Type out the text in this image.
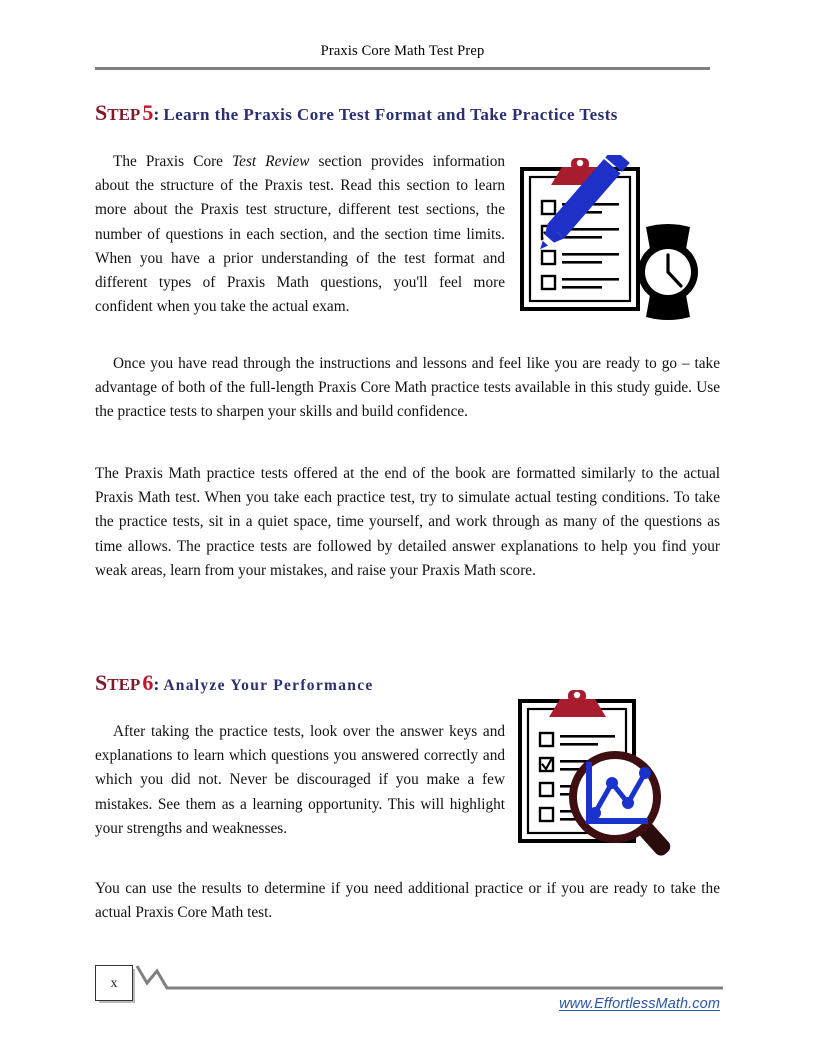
Praxis Core Math Test Prep
STEP5: Learn the Praxis Core Test Format and Take Practice Tests
The Praxis Core Test Review section provides information about the structure of the Praxis test. Read this section to learn more about the Praxis test structure, different test sections, the number of questions in each section, and the section time limits. When you have a prior understanding of the test format and different types of Praxis Math questions, you'll feel more confident when you take the actual exam.
Once you have read through the instructions and lessons and feel like you are ready to go – take advantage of both of the full-length Praxis Core Math practice tests available in this study guide. Use the practice tests to sharpen your skills and build confidence.
The Praxis Math practice tests offered at the end of the book are formatted similarly to the actual Praxis Math test. When you take each practice test, try to simulate actual testing conditions. To take the practice tests, sit in a quiet space, time yourself, and work through as many of the questions as time allows. The practice tests are followed by detailed answer explanations to help you find your weak areas, learn from your mistakes, and raise your Praxis Math score.
STEP6: Analyze Your Performance
After taking the practice tests, look over the answer keys and explanations to learn which questions you answered correctly and which you did not. Never be discouraged if you make a few mistakes. See them as a learning opportunity. This will highlight your strengths and weaknesses.
You can use the results to determine if you need additional practice or if you are ready to take the actual Praxis Core Math test.
x
www.EffortlessMath.com
